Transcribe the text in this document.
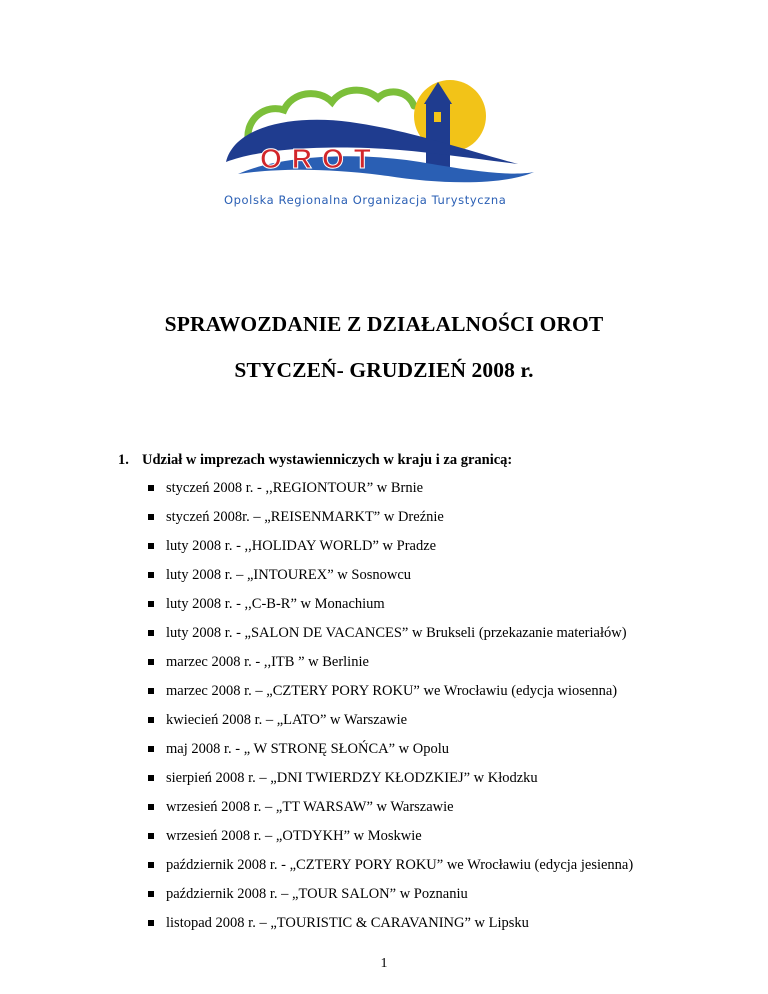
OROT
Opolska Regionalna Organizacja Turystyczna
SPRAWOZDANIE Z DZIAŁALNOŚCI OROT
STYCZEŃ- GRUDZIEŃ 2008 r.
1. Udział w imprezach wystawienniczych w kraju i za granicą:
styczeń 2008 r. - ,,REGIONTOUR” w Brnie
styczeń 2008r. – „REISENMARKT” w Dreźnie
luty 2008 r. - ,,HOLIDAY WORLD” w Pradze
luty 2008 r. – „INTOUREX” w Sosnowcu
luty 2008 r. - ,,C-B-R” w Monachium
luty 2008 r. - „SALON DE VACANCES” w Brukseli (przekazanie materiałów)
marzec 2008 r. - ,,ITB ” w Berlinie
marzec 2008 r. – „CZTERY PORY ROKU” we Wrocławiu (edycja wiosenna)
kwiecień 2008 r. – „LATO” w Warszawie
maj 2008 r. - „ W STRONĘ SŁOŃCA” w Opolu
sierpień 2008 r. – „DNI TWIERDZY KŁODZKIEJ” w Kłodzku
wrzesień 2008 r. – „TT WARSAW” w Warszawie
wrzesień 2008 r. – „OTDYKH” w Moskwie
październik 2008 r. - „CZTERY PORY ROKU” we Wrocławiu (edycja jesienna)
październik 2008 r. – „TOUR SALON” w Poznaniu
listopad 2008 r. – „TOURISTIC & CARAVANING” w Lipsku
1
